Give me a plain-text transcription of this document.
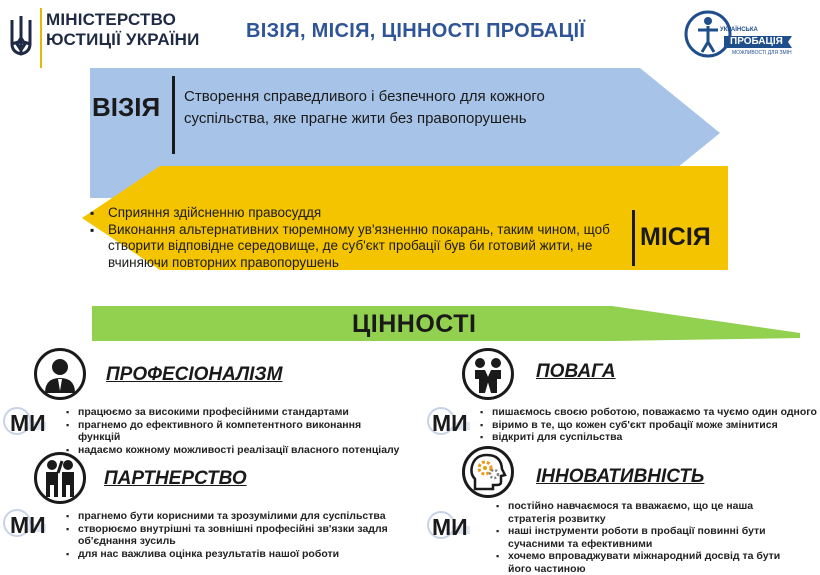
МІНІСТЕРСТВО
ЮСТИЦІЇ УКРАЇНИ ВІЗІЯ, МІСІЯ, ЦІННОСТІ ПРОБАЦІЇ	УКРАЇНСЬКА
ПРОБАЦІЯ
МОЖЛИВОСТІ ДЛЯ ЗМІН
ВІЗІЯ Створення справедливого і безпечного для кожного суспільства, яке прагне жити без правопорушень
▪ Сприяння здійсненню правосуддя
▪ Виконання альтернативних тюремному ув'язненню покарань, таким чином, щоб створити відповідне середовище, де суб'єкт пробації був би готовий жити, не вчиняючи повторних правопорушень
МІСІЯ
ЦІННОСТІ
ПРОФЕСІОНАЛІЗМ
МИ	▪ працюємо за високими професійними стандартами
▪ прагнемо до ефективного й компетентного виконання функцій
▪ надаємо кожному можливості реалізації власного потенціалу
ПОВАГА
МИ	▪ пишаємось своєю роботою, поважаємо та чуємо один одного
▪ віримо в те, що кожен суб'єкт пробації може змінитися
▪ відкриті для суспільства
ПАРТНЕРСТВО
МИ	▪ прагнемо бути корисними та зрозумілими для суспільства
▪ створюємо внутрішні та зовнішні професійні зв'язки задля об'єднання зусиль
▪ для нас важлива оцінка результатів нашої роботи
ІННОВАТИВНІСТЬ
МИ
▪ постійно навчаємося та вважаємо, що це наша стратегія розвитку
▪ наші інструменти роботи в пробації повинні бути сучасними та ефективними
▪ хочемо впроваджувати міжнародний досвід та бути його частиною
